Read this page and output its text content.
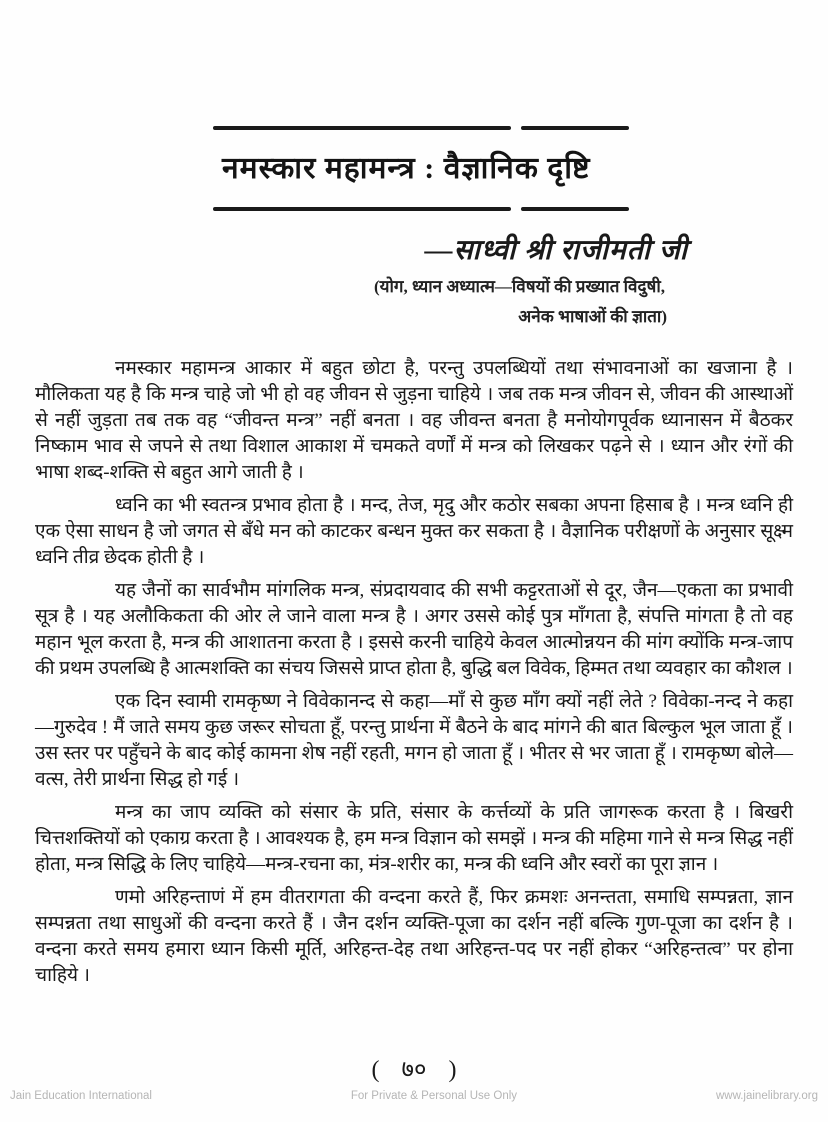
नमस्कार महामन्त्र : वैज्ञानिक दृष्टि
—साध्वी श्री राजीमती जी
(योग, ध्यान अध्यात्म—विषयों की प्रख्यात विदुषी,
अनेक भाषाओं की ज्ञाता)

नमस्कार महामन्त्र आकार में बहुत छोटा है, परन्तु उपलब्धियों तथा संभावनाओं का खजाना है । मौलिकता यह है कि मन्त्र चाहे जो भी हो वह जीवन से जुड़ना चाहिये । जब तक मन्त्र जीवन से, जीवन की आस्थाओं से नहीं जुड़ता तब तक वह “जीवन्त मन्त्र” नहीं बनता । वह जीवन्त बनता है मनोयोगपूर्वक ध्यानासन में बैठकर निष्काम भाव से जपने से तथा विशाल आकाश में चमकते वर्णों में मन्त्र को लिखकर पढ़ने से । ध्यान और रंगों की भाषा शब्द-शक्ति से बहुत आगे जाती है ।

ध्वनि का भी स्वतन्त्र प्रभाव होता है । मन्द, तेज, मृदु और कठोर सबका अपना हिसाब है । मन्त्र ध्वनि ही एक ऐसा साधन है जो जगत से बँधे मन को काटकर बन्धन मुक्त कर सकता है । वैज्ञानिक परीक्षणों के अनुसार सूक्ष्म ध्वनि तीव्र छेदक होती है ।

यह जैनों का सार्वभौम मांगलिक मन्त्र, संप्रदायवाद की सभी कट्टरताओं से दूर, जैन—एकता का प्रभावी सूत्र है । यह अलौकिकता की ओर ले जाने वाला मन्त्र है । अगर उससे कोई पुत्र माँगता है, संपत्ति मांगता है तो वह महान भूल करता है, मन्त्र की आशातना करता है । इससे करनी चाहिये केवल आत्मोन्नयन की मांग क्योंकि मन्त्र-जाप की प्रथम उपलब्धि है आत्मशक्ति का संचय जिससे प्राप्त होता है, बुद्धि बल विवेक, हिम्मत तथा व्यवहार का कौशल ।

एक दिन स्वामी रामकृष्ण ने विवेकानन्द से कहा—माँ से कुछ माँग क्यों नहीं लेते ? विवेका-नन्द ने कहा—गुरुदेव ! मैं जाते समय कुछ जरूर सोचता हूँ, परन्तु प्रार्थना में बैठने के बाद मांगने की बात बिल्कुल भूल जाता हूँ । उस स्तर पर पहुँचने के बाद कोई कामना शेष नहीं रहती, मगन हो जाता हूँ । भीतर से भर जाता हूँ । रामकृष्ण बोले—वत्स, तेरी प्रार्थना सिद्ध हो गई ।

मन्त्र का जाप व्यक्ति को संसार के प्रति, संसार के कर्त्तव्यों के प्रति जागरूक करता है । बिखरी चित्तशक्तियों को एकाग्र करता है । आवश्यक है, हम मन्त्र विज्ञान को समझें । मन्त्र की महिमा गाने से मन्त्र सिद्ध नहीं होता, मन्त्र सिद्धि के लिए चाहिये—मन्त्र-रचना का, मंत्र-शरीर का, मन्त्र की ध्वनि और स्वरों का पूरा ज्ञान ।

णमो अरिहन्ताणं में हम वीतरागता की वन्दना करते हैं, फिर क्रमशः अनन्तता, समाधि सम्पन्नता, ज्ञान सम्पन्नता तथा साधुओं की वन्दना करते हैं । जैन दर्शन व्यक्ति-पूजा का दर्शन नहीं बल्कि गुण-पूजा का दर्शन है । वन्दना करते समय हमारा ध्यान किसी मूर्ति, अरिहन्त-देह तथा अरिहन्त-पद पर नहीं होकर “अरिहन्तत्व” पर होना चाहिये ।

( ७० )
Jain Education International	For Private & Personal Use Only	www.jainelibrary.org
